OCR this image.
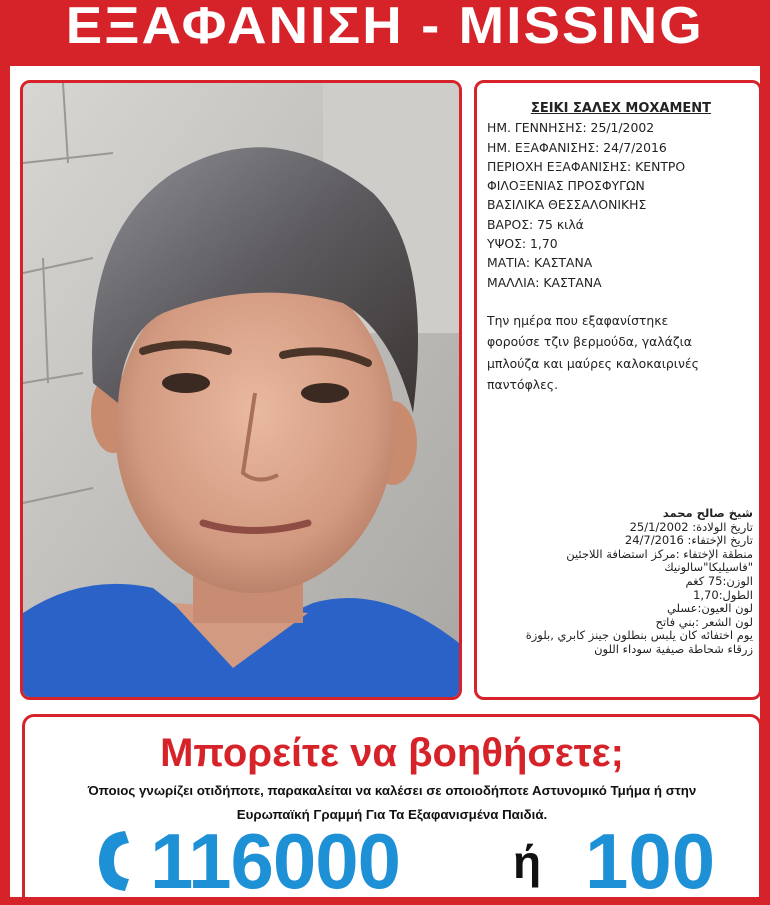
ΕΞΑΦΑΝΙΣΗ - MISSING
ΣΕΙΚΙ ΣΑΛΕΧ ΜΟΧΑΜΕΝΤ
ΗΜ. ΓΕΝΝΗΣΗΣ: 25/1/2002
ΗΜ. ΕΞΑΦΑΝΙΣΗΣ: 24/7/2016
ΠΕΡΙΟΧΗ ΕΞΑΦΑΝΙΣΗΣ: ΚΕΝΤΡΟ
ΦΙΛΟΞΕΝΙΑΣ ΠΡΟΣΦΥΓΩΝ
ΒΑΣΙΛΙΚΑ ΘΕΣΣΑΛΟΝΙΚΗΣ
ΒΑΡΟΣ: 75 κιλά
ΥΨΟΣ: 1,70
ΜΑΤΙΑ: ΚΑΣΤΑΝΑ
ΜΑΛΛΙΑ: ΚΑΣΤΑΝΑ
Την ημέρα που εξαφανίστηκε
φορούσε τζιν βερμούδα, γαλάζια
μπλούζα και μαύρες καλοκαιρινές
παντόφλες.
شيخ صالح محمد
تاريخ الولادة: 25/1/2002
تاريخ الإختفاء: 24/7/2016
منطقة الإختفاء :مركز استضافة اللاجئين
"فاسيليكا"سالونيك
الوزن:75 كغم
الطول:1,70
لون العيون:عسلي
لون الشعر :بني فاتح
يوم اختفائه كان يلبس بنطلون جينز كابري ,بلوزة
زرقاء شحاطة صيفية سوداء اللون
Μπορείτε να βοηθήσετε;
Όποιος γνωρίζει οτιδήποτε, παρακαλείται να καλέσει σε οποιοδήποτε Αστυνομικό Τμήμα ή στην
Ευρωπαϊκή Γραμμή Για Τα Εξαφανισμένα Παιδιά.
116000 ή 100
